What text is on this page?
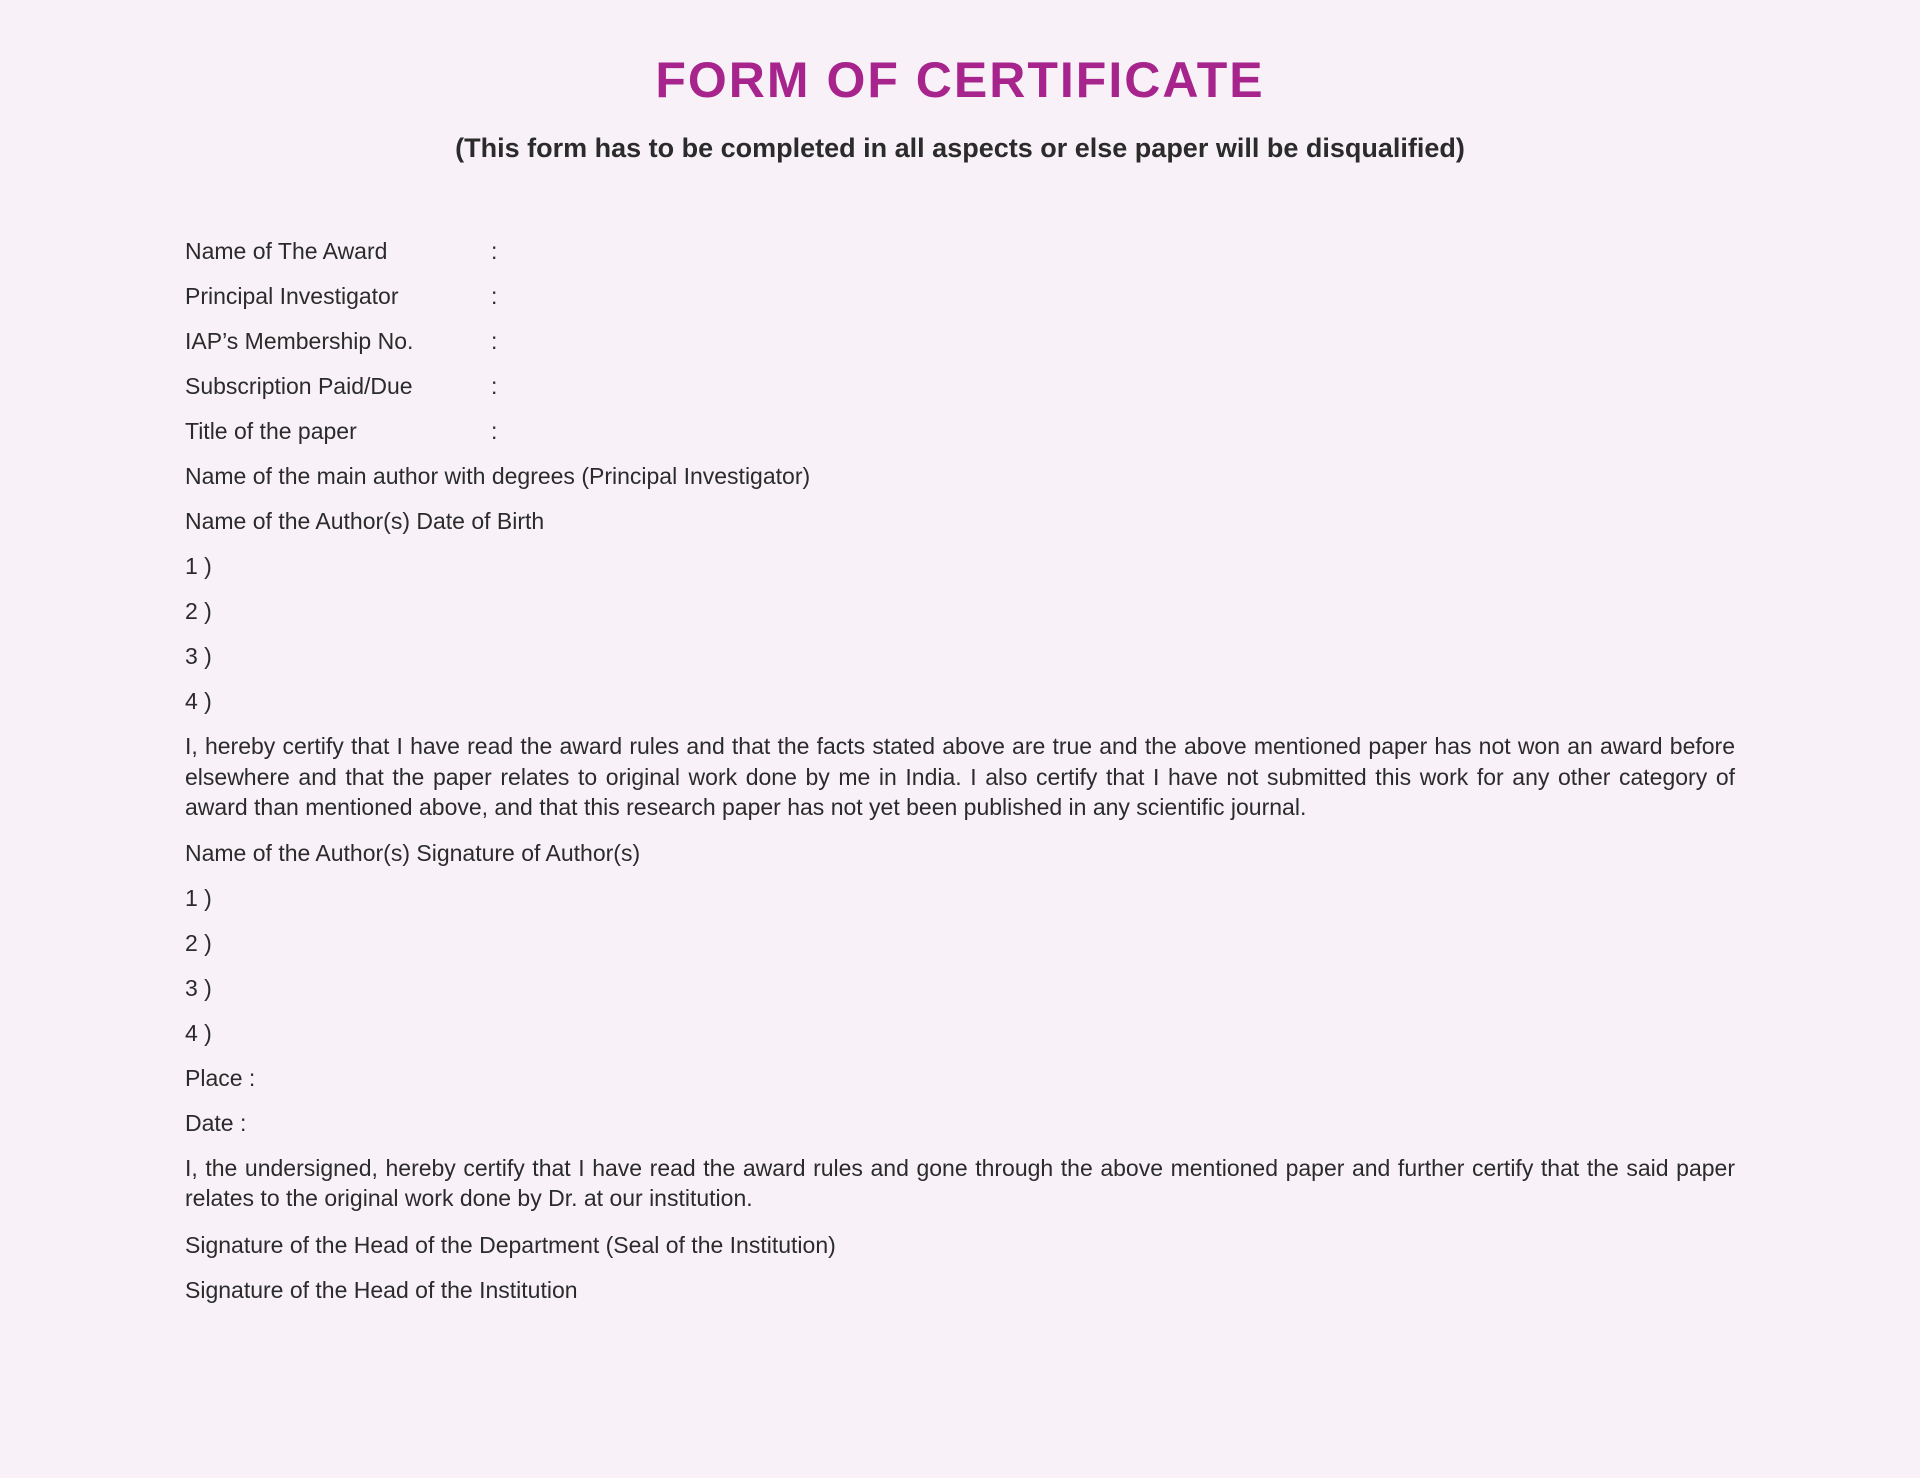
FORM OF CERTIFICATE
(This form has to be completed in all aspects or else paper will be disqualified)
Name of The Award	:
Principal Investigator	:
IAP’s Membership No.	:
Subscription Paid/Due	:
Title of the paper	:
Name of the main author with degrees (Principal Investigator)
Name of the Author(s) Date of Birth
1 )
2 )
3 )
4 )
I, hereby certify that I have read the award rules and that the facts stated above are true and the above mentioned paper has not won an award before elsewhere and that the paper relates to original work done by me in India. I also certify that I have not submitted this work for any other category of award than mentioned above, and that this research paper has not yet been published in any scientific journal.
Name of the Author(s) Signature of Author(s)
1 )
2 )
3 )
4 )
Place :
Date :
I, the undersigned, hereby certify that I have read the award rules and gone through the above mentioned paper and further certify that the said paper relates to the original work done by Dr. at our institution.
Signature of the Head of the Department (Seal of the Institution)
Signature of the Head of the Institution
